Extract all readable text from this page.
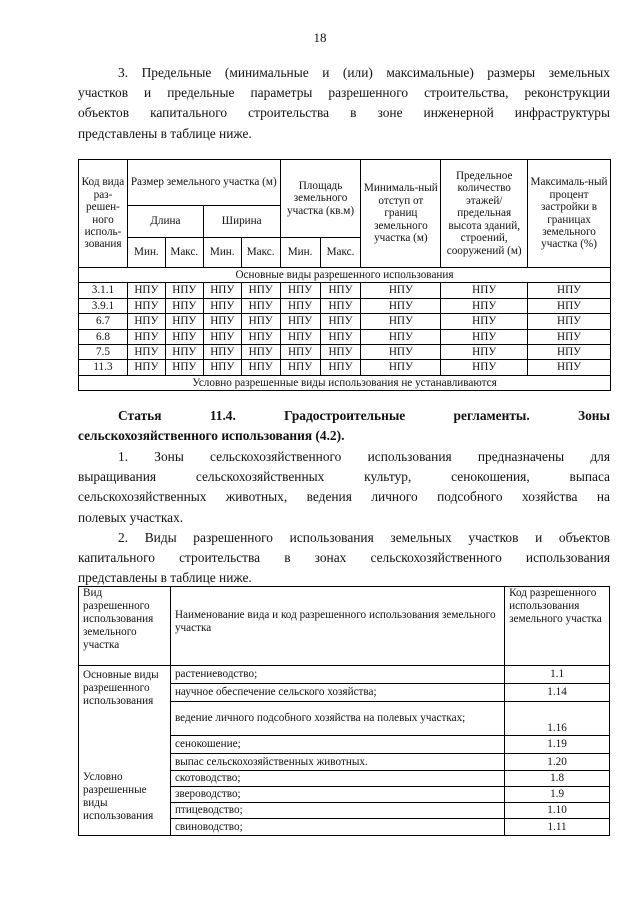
18
3. Предельные (минимальные и (или) максимальные) размеры земельных
участков и предельные параметры разрешенного строительства, реконструкции
объектов капитального строительства в зоне инженерной инфраструктуры
представлены в таблице ниже.
Код вида раз-решен-ного исполь-зования	Размер земельного участка (м)				Площадь земельного участка (кв.м)		Минималь-ный отступ от границ земельного участка (м)	Предельное количество этажей/ предельная высота зданий, строений, сооружений (м)	Максималь-ный процент застройки в границах земельного участка (%)
	Длина		Ширина						
	Мин.	Макс.	Мин.	Макс.	Мин.	Макс.			
Основные виды разрешенного использования									
3.1.1	НПУ	НПУ	НПУ	НПУ	НПУ	НПУ	НПУ	НПУ	НПУ
3.9.1	НПУ	НПУ	НПУ	НПУ	НПУ	НПУ	НПУ	НПУ	НПУ
6.7	НПУ	НПУ	НПУ	НПУ	НПУ	НПУ	НПУ	НПУ	НПУ
6.8	НПУ	НПУ	НПУ	НПУ	НПУ	НПУ	НПУ	НПУ	НПУ
7.5	НПУ	НПУ	НПУ	НПУ	НПУ	НПУ	НПУ	НПУ	НПУ
11.3	НПУ	НПУ	НПУ	НПУ	НПУ	НПУ	НПУ	НПУ	НПУ
Условно разрешенные виды использования не устанавливаются									
Статья	11.4.	Градостроительные	регламенты.	Зоны
сельскохозяйственного использования (4.2).
1. Зоны сельскохозяйственного использования предназначены для
выращивания сельскохозяйственных культур, сенокошения, выпаса
сельскохозяйственных животных, ведения личного подсобного хозяйства на
полевых участках.
2. Виды разрешенного использования земельных участков и объектов
капитального строительства в зонах сельскохозяйственного использования
представлены в таблице ниже.
Вид разрешенного использования земельного участка	Наименование вида и код разрешенного использования земельного участка	Код разрешенного использования земельного участка
Основные виды разрешенного использования	растениеводство;	1.1
	научное обеспечение сельского хозяйства;	1.14
	ведение личного подсобного хозяйства на полевых участках;	1.16
	сенокошение;	1.19
	выпас сельскохозяйственных животных.	1.20
Условно разрешенные виды использования	скотоводство;	1.8
	звероводство;	1.9
	птицеводство;	1.10
	свиноводство;	1.11
